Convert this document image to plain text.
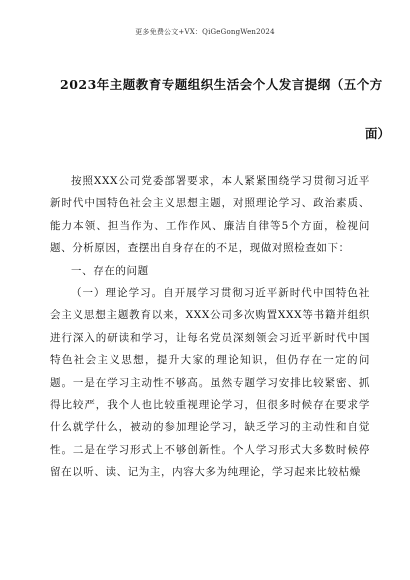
更多免费公文+VX：QiGeGongWen2024
2023年主题教育专题组织生活会个人发言提纲（五个方
面）

按照XXX公司党委部署要求，本人紧紧围绕学习贯彻习近平新时代中国特色社会主义思想主题，对照理论学习、政治素质、能力本领、担当作为、工作作风、廉洁自律等5个方面，检视问题、分析原因，查摆出自身存在的不足，现做对照检查如下：

一、存在的问题

（一）理论学习。自开展学习贯彻习近平新时代中国特色社会主义思想主题教育以来，XXX公司多次购置XXX等书籍并组织进行深入的研读和学习，让每名党员深刻领会习近平新时代中国特色社会主义思想，提升大家的理论知识，但仍存在一定的问题。一是在学习主动性不够高。虽然专题学习安排比较紧密、抓得比较严，我个人也比较重视理论学习，但很多时候存在要求学什么就学什么，被动的参加理论学习，缺乏学习的主动性和自觉性。二是在学习形式上不够创新性。个人学习形式大多数时候停留在以听、读、记为主，内容大多为纯理论，学习起来比较枯燥
